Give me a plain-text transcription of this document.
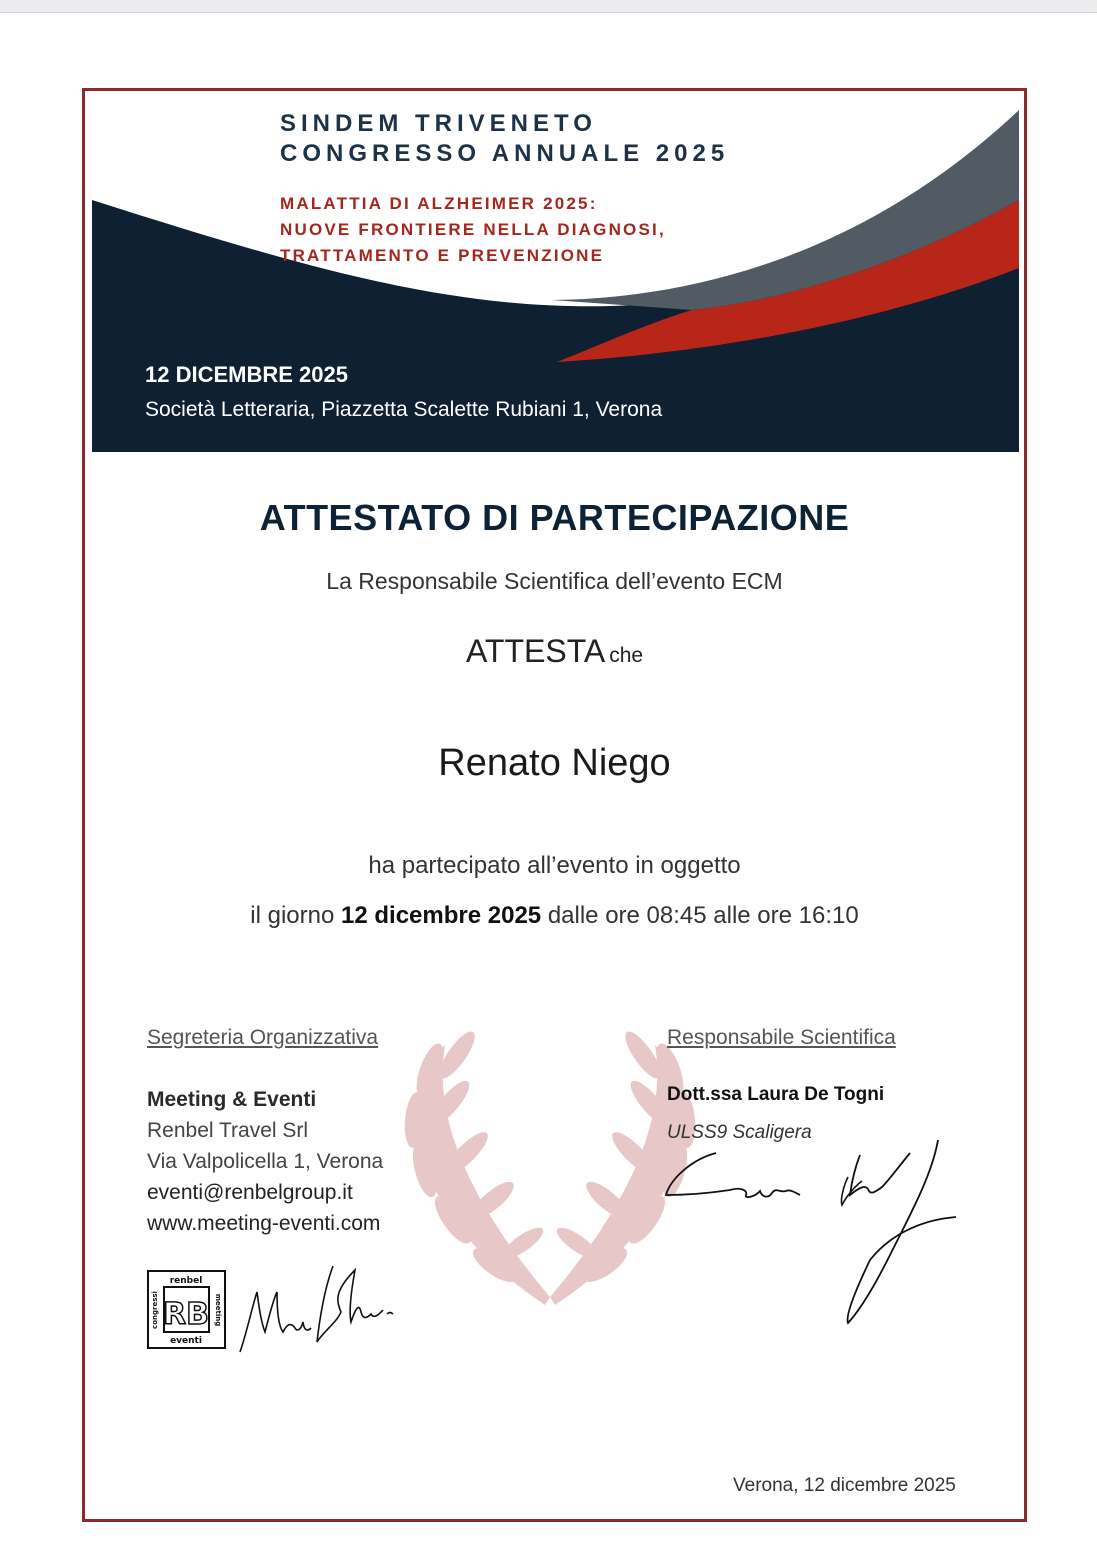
SINDEM TRIVENETO
CONGRESSO ANNUALE 2025
MALATTIA DI ALZHEIMER 2025:
NUOVE FRONTIERE NELLA DIAGNOSI,
TRATTAMENTO E PREVENZIONE
12 DICEMBRE 2025
Società Letteraria, Piazzetta Scalette Rubiani 1, Verona
ATTESTATO DI PARTECIPAZIONE
La Responsabile Scientifica dell’evento ECM
ATTESTA che
Renato Niego
ha partecipato all’evento in oggetto
il giorno 12 dicembre 2025 dalle ore 08:45 alle ore 16:10
Segreteria Organizzativa
Meeting & Eventi
Renbel Travel Srl
Via Valpolicella 1, Verona
eventi@renbelgroup.it
www.meeting-eventi.com
renbel
eventi
congressi	meeting
RB
Responsabile Scientifica
Dott.ssa Laura De Togni
ULSS9 Scaligera
Verona, 12 dicembre 2025
